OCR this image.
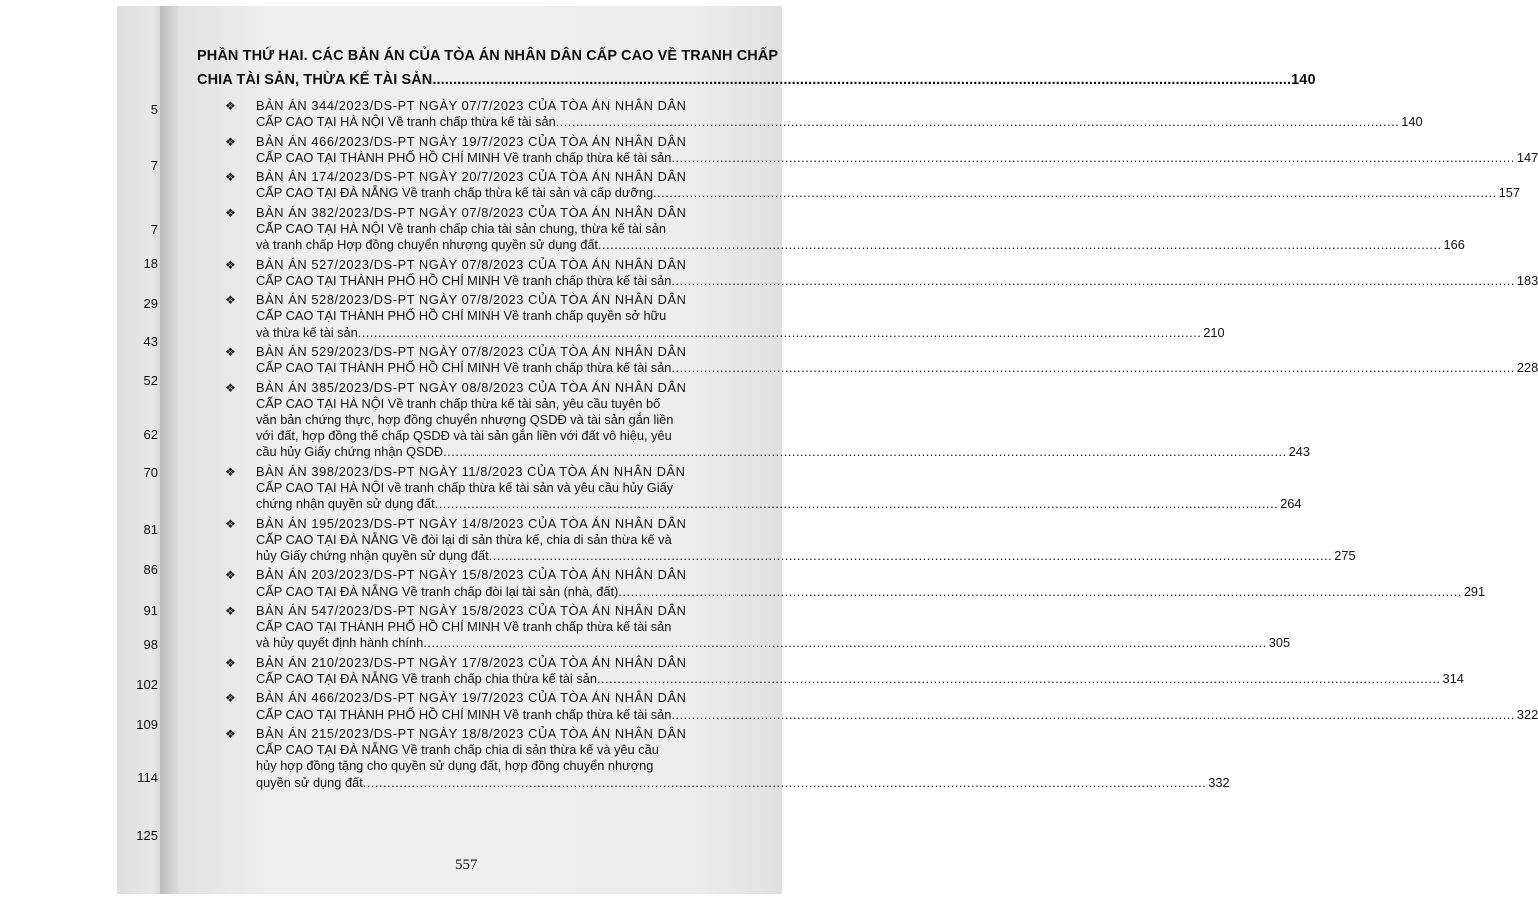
5
7
7
18
29
43
52
62
70
81
86
91
98
102
109
114
125
PHẦN THỨ HAI. CÁC BẢN ÁN CỦA TÒA ÁN NHÂN DÂN CẤP CAO VỀ TRANH CHẤP
CHIA TÀI SẢN, THỪA KẾ TÀI SẢN ................................................................................................................................................................................................................ 140
❖ BẢN ÁN 344/2023/DS-PT NGÀY 07/7/2023 CỦA TÒA ÁN NHÂN DÂN
CẤP CAO TẠI HÀ NỘI Về tranh chấp thừa kế tài sản ................................................................................................................................................................................................................ 140
❖ BẢN ÁN 466/2023/DS-PT NGÀY 19/7/2023 CỦA TÒA ÁN NHÂN DÂN
CẤP CAO TẠI THÀNH PHỐ HỒ CHÍ MINH Về tranh chấp thừa kế tài sản ................................................................................................................................................................................................................ 147
❖ BẢN ÁN 174/2023/DS-PT NGÀY 20/7/2023 CỦA TÒA ÁN NHÂN DÂN
CẤP CAO TẠI ĐÀ NẴNG Về tranh chấp thừa kế tài sản và cấp dưỡng ................................................................................................................................................................................................................ 157
❖ BẢN ÁN 382/2023/DS-PT NGÀY 07/8/2023 CỦA TÒA ÁN NHÂN DÂN
CẤP CAO TẠI HÀ NỘI Về tranh chấp chia tài sản chung, thừa kế tài sản
và tranh chấp Hợp đồng chuyển nhượng quyền sử dụng đất ................................................................................................................................................................................................................ 166
❖ BẢN ÁN 527/2023/DS-PT NGÀY 07/8/2023 CỦA TÒA ÁN NHÂN DÂN
CẤP CAO TẠI THÀNH PHỐ HỒ CHÍ MINH Về tranh chấp thừa kế tài sản ................................................................................................................................................................................................................ 183
❖ BẢN ÁN 528/2023/DS-PT NGÀY 07/8/2023 CỦA TÒA ÁN NHÂN DÂN
CẤP CAO TẠI THÀNH PHỐ HỒ CHÍ MINH Về tranh chấp quyền sở hữu
và thừa kế tài sản ................................................................................................................................................................................................................ 210
❖ BẢN ÁN 529/2023/DS-PT NGÀY 07/8/2023 CỦA TÒA ÁN NHÂN DÂN
CẤP CAO TẠI THÀNH PHỐ HỒ CHÍ MINH Về tranh chấp thừa kế tài sản ................................................................................................................................................................................................................ 228
❖ BẢN ÁN 385/2023/DS-PT NGÀY 08/8/2023 CỦA TÒA ÁN NHÂN DÂN
CẤP CAO TẠI HÀ NỘI Về tranh chấp thừa kế tài sản, yêu cầu tuyên bố
văn bản chứng thực, hợp đồng chuyển nhượng QSDĐ và tài sản gắn liền
với đất, hợp đồng thế chấp QSDĐ và tài sản gắn liền với đất vô hiệu, yêu
cầu hủy Giấy chứng nhận QSDĐ ................................................................................................................................................................................................................ 243
❖ BẢN ÁN 398/2023/DS-PT NGÀY 11/8/2023 CỦA TÒA ÁN NHÂN DÂN
CẤP CAO TẠI HÀ NỘI về tranh chấp thừa kế tài sản và yêu cầu hủy Giấy
chứng nhận quyền sử dụng đất ................................................................................................................................................................................................................ 264
❖ BẢN ÁN 195/2023/DS-PT NGÀY 14/8/2023 CỦA TÒA ÁN NHÂN DÂN
CẤP CAO TẠI ĐÀ NẴNG Về đòi lại di sản thừa kế, chia di sản thừa kế và
hủy Giấy chứng nhận quyền sử dụng đất ................................................................................................................................................................................................................ 275
❖ BẢN ÁN 203/2023/DS-PT NGÀY 15/8/2023 CỦA TÒA ÁN NHÂN DÂN
CẤP CAO TẠI ĐÀ NẴNG Về tranh chấp đòi lại tài sản (nhà, đất) ................................................................................................................................................................................................................ 291
❖ BẢN ÁN 547/2023/DS-PT NGÀY 15/8/2023 CỦA TÒA ÁN NHÂN DÂN
CẤP CAO TẠI THÀNH PHỐ HỒ CHÍ MINH Về tranh chấp thừa kế tài sản
và hủy quyết định hành chính ................................................................................................................................................................................................................ 305
❖ BẢN ÁN 210/2023/DS-PT NGÀY 17/8/2023 CỦA TÒA ÁN NHÂN DÂN
CẤP CAO TẠI ĐÀ NẴNG Về tranh chấp chia thừa kế tài sản ................................................................................................................................................................................................................ 314
❖ BẢN ÁN 466/2023/DS-PT NGÀY 19/7/2023 CỦA TÒA ÁN NHÂN DÂN
CẤP CAO TẠI THÀNH PHỐ HỒ CHÍ MINH Về tranh chấp thừa kế tài sản ................................................................................................................................................................................................................ 322
❖ BẢN ÁN 215/2023/DS-PT NGÀY 18/8/2023 CỦA TÒA ÁN NHÂN DÂN
CẤP CAO TẠI ĐÀ NẴNG Về tranh chấp chia di sản thừa kế và yêu cầu
hủy hợp đồng tặng cho quyền sử dụng đất, hợp đồng chuyển nhượng
quyền sử dụng đất ................................................................................................................................................................................................................ 332
557
